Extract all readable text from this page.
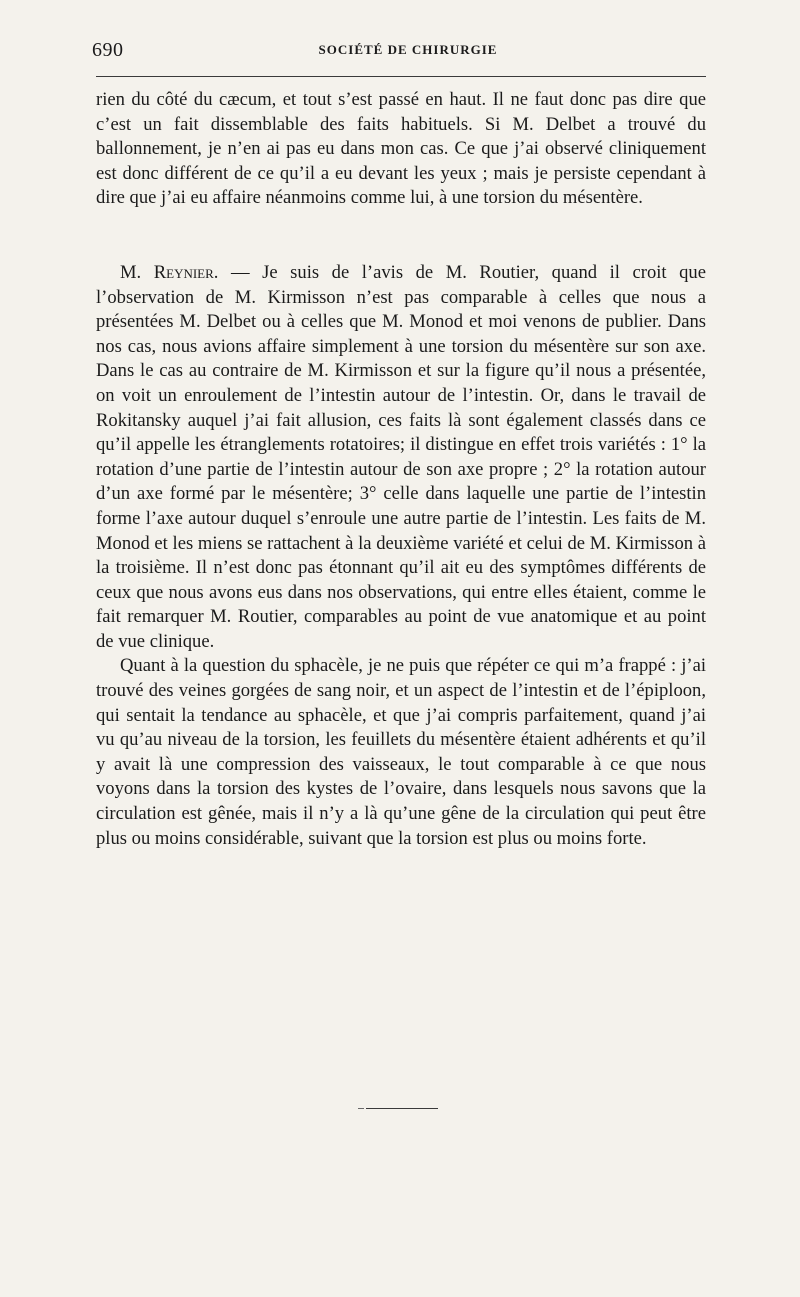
690	SOCIÉTÉ DE CHIRURGIE

rien du côté du cæcum, et tout s’est passé en haut. Il ne faut donc pas dire que c’est un fait dissemblable des faits habituels. Si M. Delbet a trouvé du ballonnement, je n’en ai pas eu dans mon cas. Ce que j’ai observé cliniquement est donc différent de ce qu’il a eu devant les yeux ; mais je persiste cependant à dire que j’ai eu affaire néanmoins comme lui, à une torsion du mésentère.

M. Reynier. — Je suis de l’avis de M. Routier, quand il croit que l’observation de M. Kirmisson n’est pas comparable à celles que nous a présentées M. Delbet ou à celles que M. Monod et moi venons de publier. Dans nos cas, nous avions affaire simplement à une torsion du mésentère sur son axe. Dans le cas au contraire de M. Kirmisson et sur la figure qu’il nous a présentée, on voit un enroulement de l’intestin autour de l’intestin. Or, dans le travail de Rokitansky auquel j’ai fait allusion, ces faits là sont également classés dans ce qu’il appelle les étranglements rotatoires; il distingue en effet trois variétés : 1° la rotation d’une partie de l’intestin autour de son axe propre ; 2° la rotation autour d’un axe formé par le mésentère; 3° celle dans laquelle une partie de l’intestin forme l’axe autour duquel s’enroule une autre partie de l’intestin. Les faits de M. Monod et les miens se rattachent à la deuxième variété et celui de M. Kirmisson à la troisième. Il n’est donc pas étonnant qu’il ait eu des symptômes différents de ceux que nous avons eus dans nos observations, qui entre elles étaient, comme le fait remarquer M. Routier, comparables au point de vue anatomique et au point de vue clinique.

Quant à la question du sphacèle, je ne puis que répéter ce qui m’a frappé : j’ai trouvé des veines gorgées de sang noir, et un aspect de l’intestin et de l’épiploon, qui sentait la tendance au sphacèle, et que j’ai compris parfaitement, quand j’ai vu qu’au niveau de la torsion, les feuillets du mésentère étaient adhérents et qu’il y avait là une compression des vaisseaux, le tout comparable à ce que nous voyons dans la torsion des kystes de l’ovaire, dans lesquels nous savons que la circulation est gênée, mais il n’y a là qu’une gêne de la circulation qui peut être plus ou moins considérable, suivant que la torsion est plus ou moins forte.
